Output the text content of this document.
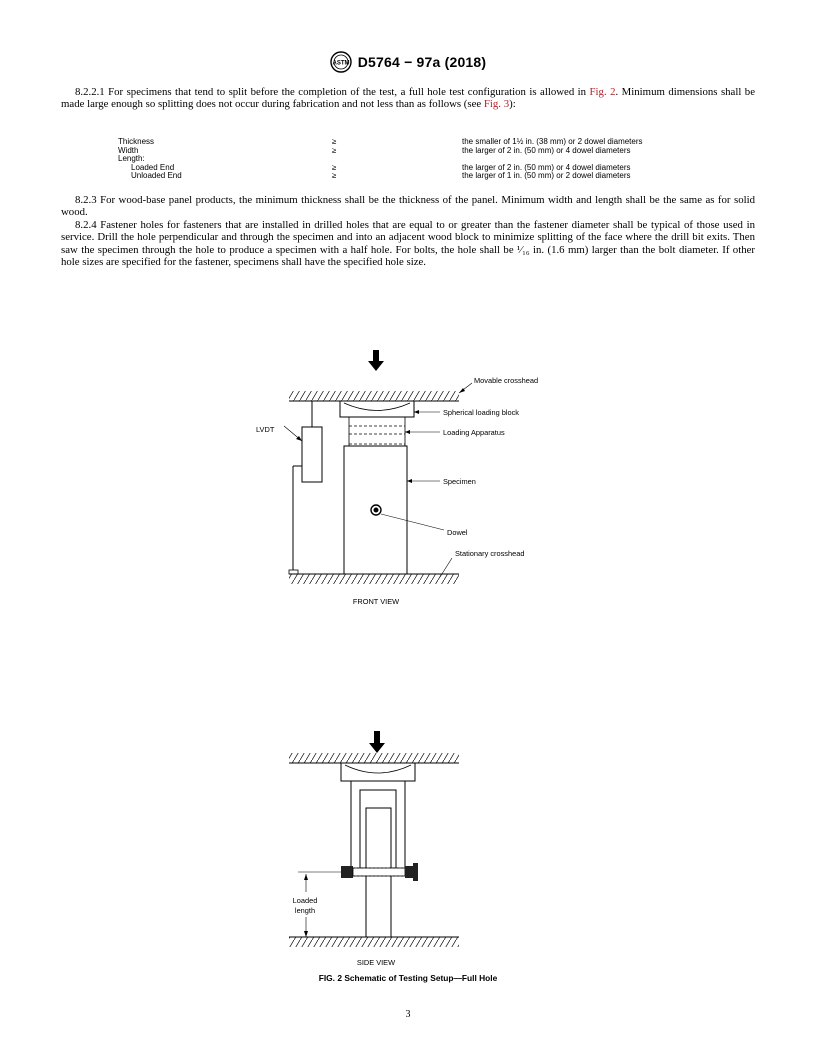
ASTM D5764 − 97a (2018)

8.2.2.1 For specimens that tend to split before the completion of the test, a full hole test configuration is allowed in Fig. 2. Minimum dimensions shall be made large enough so splitting does not occur during fabrication and not less than as follows (see Fig. 3):

Thickness	≥	the smaller of 1½ in. (38 mm) or 2 dowel diameters
Width	≥	the larger of 2 in. (50 mm) or 4 dowel diameters
Length:
Loaded End	≥	the larger of 2 in. (50 mm) or 4 dowel diameters
Unloaded End	≥	the larger of 1 in. (50 mm) or 2 dowel diameters

8.2.3 For wood-base panel products, the minimum thickness shall be the thickness of the panel. Minimum width and length shall be the same as for solid wood.

8.2.4 Fastener holes for fasteners that are installed in drilled holes that are equal to or greater than the fastener diameter shall be typical of those used in service. Drill the hole perpendicular and through the specimen and into an adjacent wood block to minimize splitting of the face where the drill bit exits. Then saw the specimen through the hole to produce a specimen with a half hole. For bolts, the hole shall be ¹⁄₁₆ in. (1.6 mm) larger than the bolt diameter. If other hole sizes are specified for the fastener, specimens shall have the specified hole size.

Movable crosshead
Spherical loading block
Loading Apparatus
LVDT
Specimen
Dowel
Stationary crosshead
FRONT VIEW
Loaded
length
SIDE VIEW
FIG. 2 Schematic of Testing Setup—Full Hole
3
